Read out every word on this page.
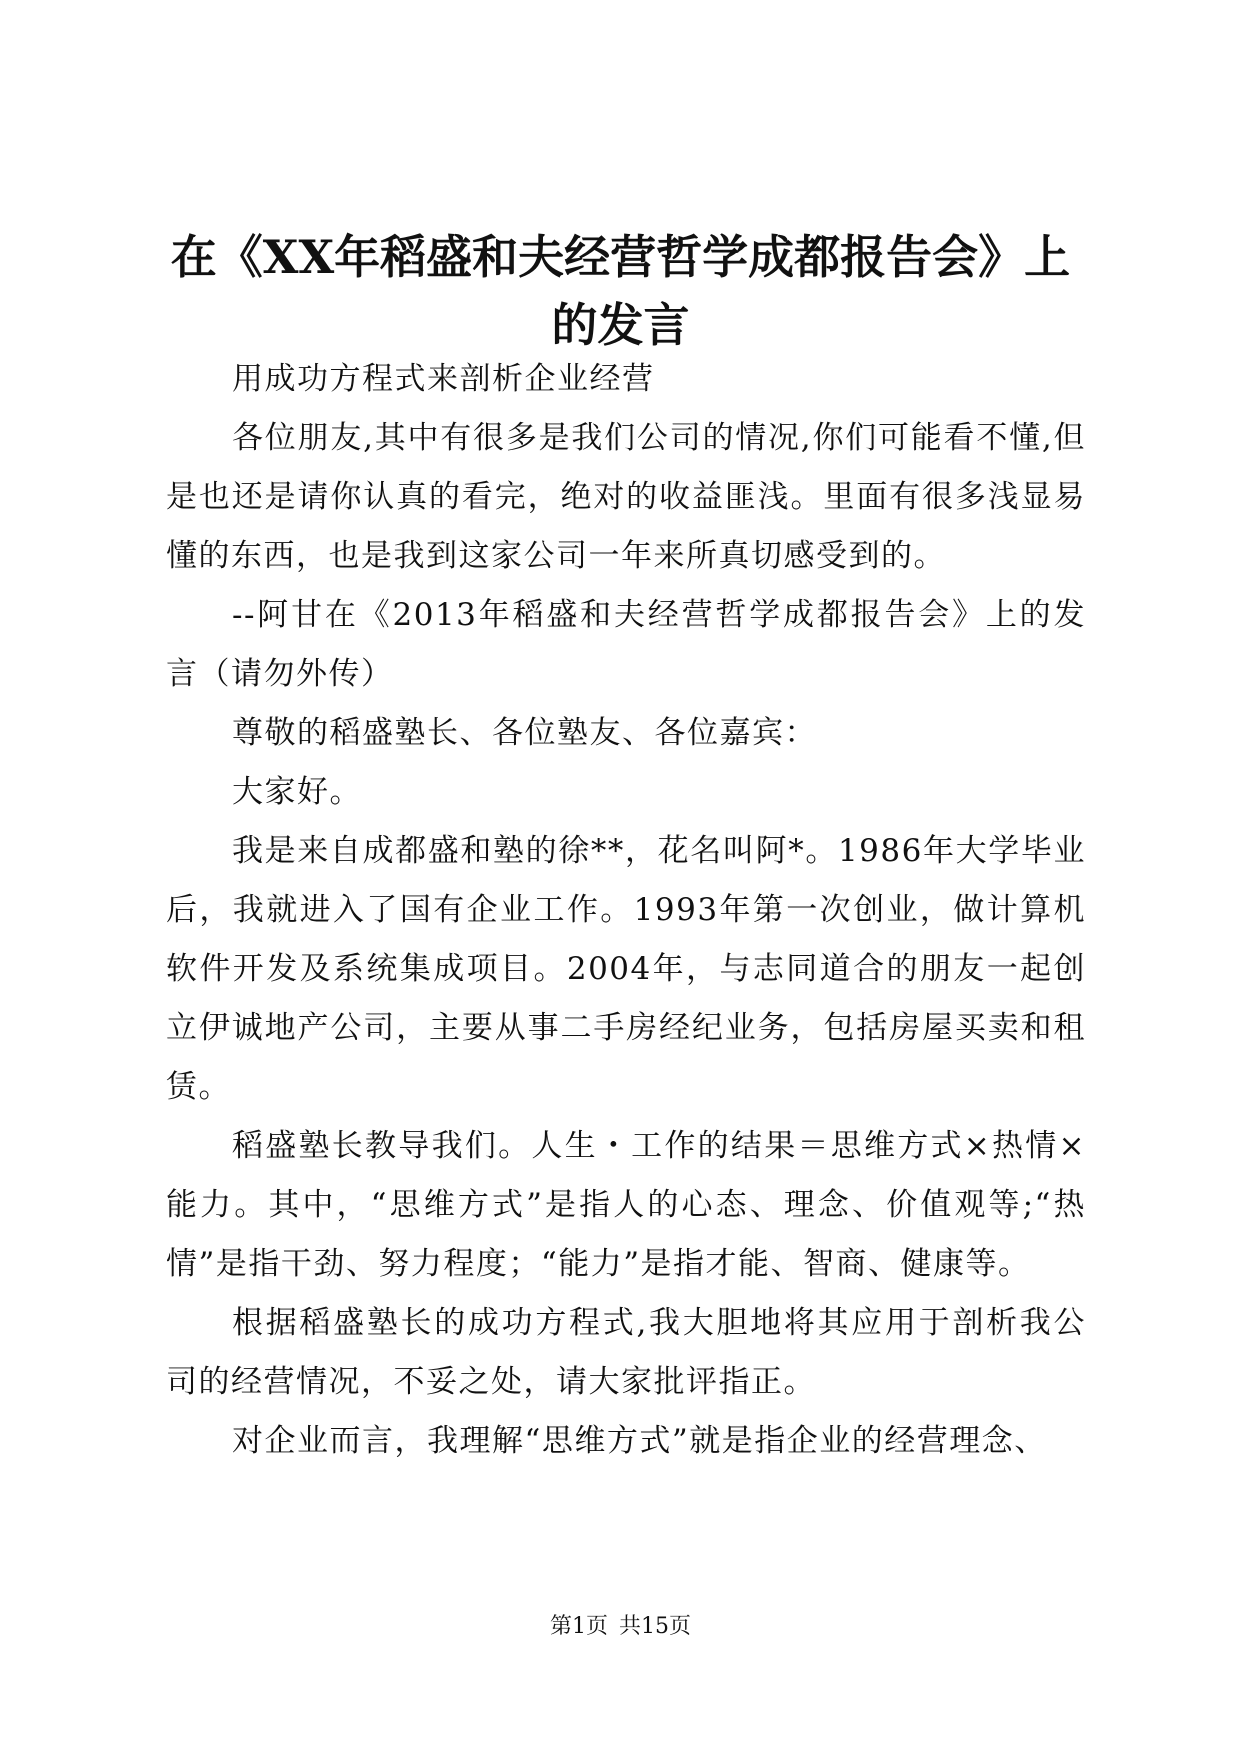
在《XX年稻盛和夫经营哲学成都报告会》上的发言

用成功方程式来剖析企业经营

各位朋友,其中有很多是我们公司的情况,你们可能看不懂,但是也还是请你认真的看完，绝对的收益匪浅。里面有很多浅显易懂的东西，也是我到这家公司一年来所真切感受到的。

--阿甘在《2013年稻盛和夫经营哲学成都报告会》上的发言（请勿外传）

尊敬的稻盛塾长、各位塾友、各位嘉宾：

大家好。

我是来自成都盛和塾的徐**，花名叫阿*。1986年大学毕业后，我就进入了国有企业工作。1993年第一次创业，做计算机软件开发及系统集成项目。2004年，与志同道合的朋友一起创立伊诚地产公司，主要从事二手房经纪业务，包括房屋买卖和租赁。

稻盛塾长教导我们。人生・工作的结果＝思维方式×热情×能力。其中，“思维方式”是指人的心态、理念、价值观等;“热情”是指干劲、努力程度；“能力”是指才能、智商、健康等。

根据稻盛塾长的成功方程式,我大胆地将其应用于剖析我公司的经营情况，不妥之处，请大家批评指正。

对企业而言，我理解“思维方式”就是指企业的经营理念、

第1页 共15页
